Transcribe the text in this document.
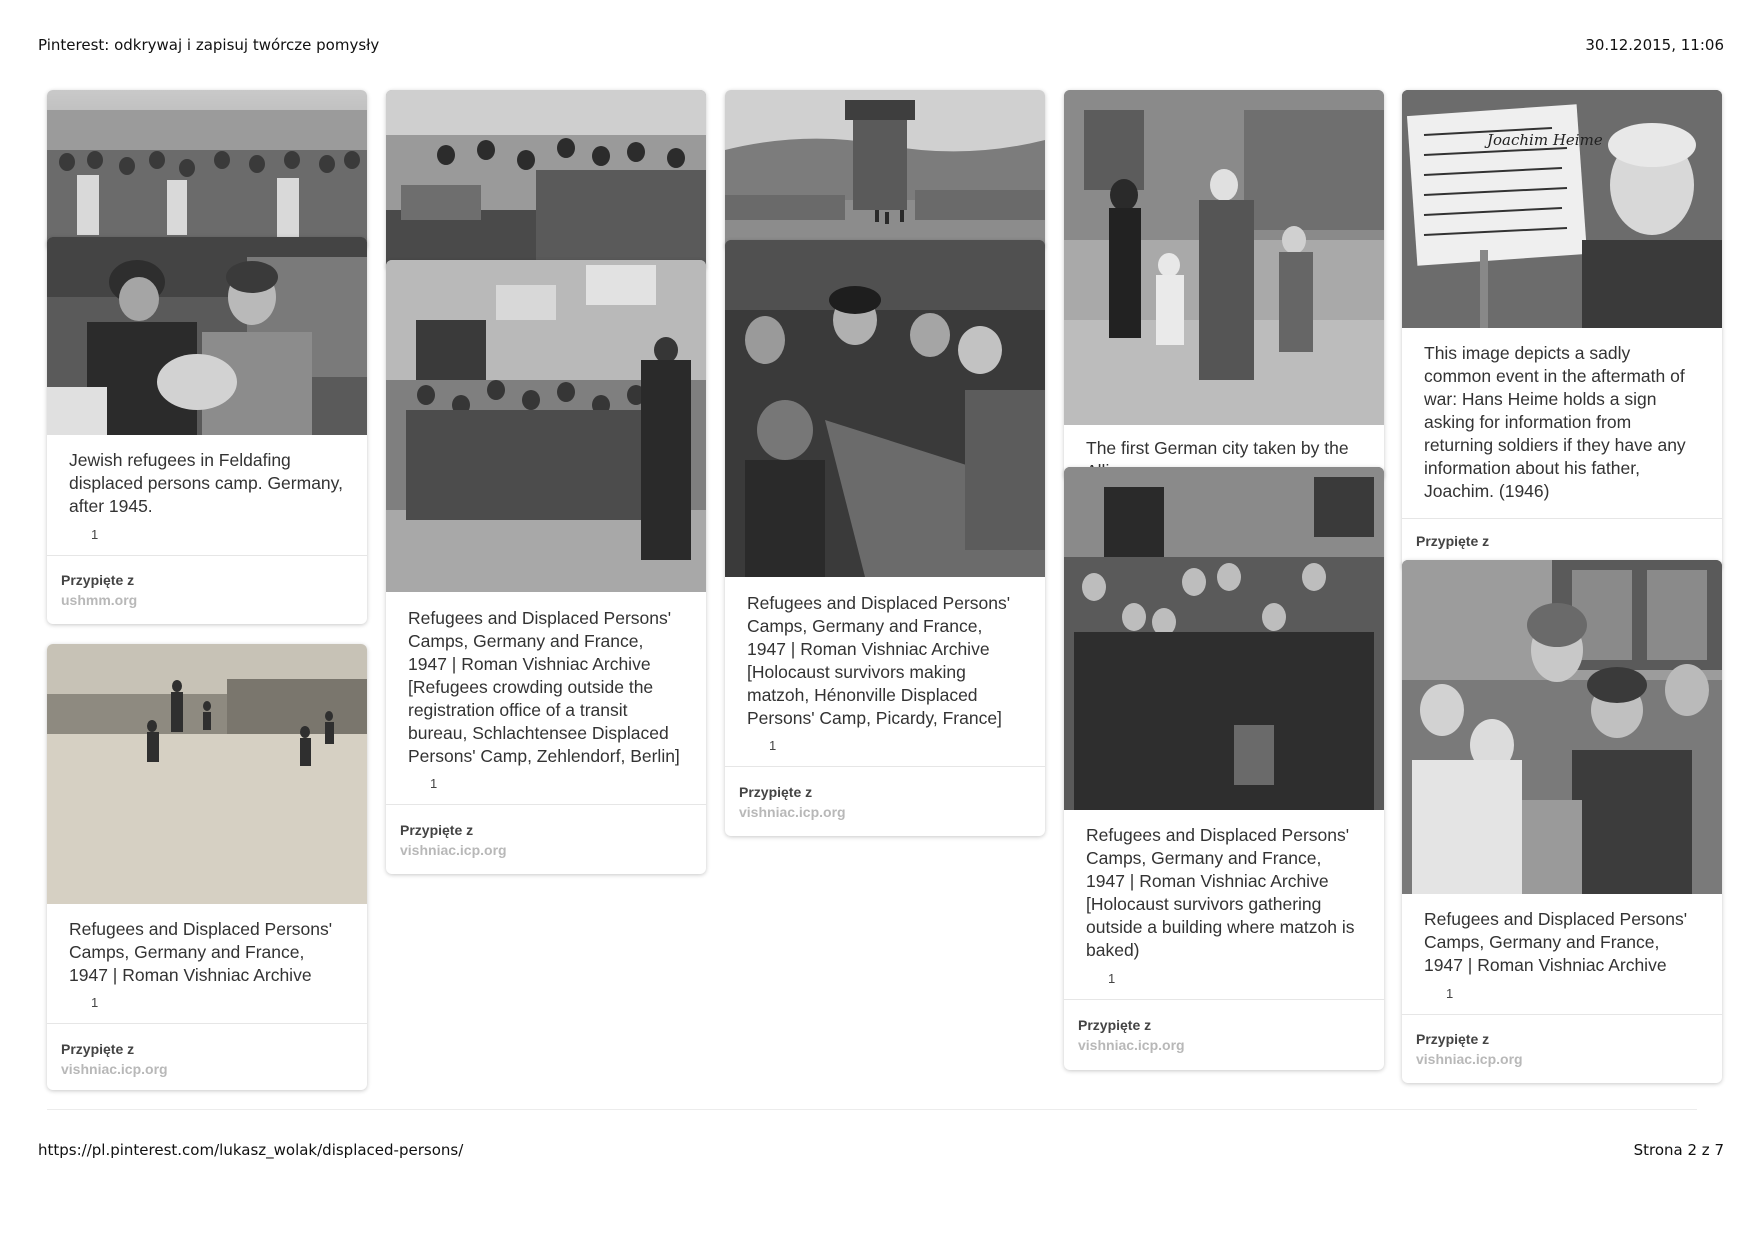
Pinterest: odkrywaj i zapisuj twórcze pomysły	30.12.2015, 11:06
Jewish refugees in Feldafing displaced persons camp. Germany, after 1945.
1
Przypięte z
ushmm.org
Refugees and Displaced Persons' Camps, Germany and France, 1947 | Roman Vishniac Archive
1
Przypięte z
vishniac.icp.org
Refugees and Displaced Persons' Camps, Germany and France, 1947 | Roman Vishniac Archive [Refugees crowding outside the registration office of a transit bureau, Schlachtensee Displaced Persons' Camp, Zehlendorf, Berlin]
1
Przypięte z
vishniac.icp.org
Refugees and Displaced Persons' Camps, Germany and France, 1947 | Roman Vishniac Archive [Holocaust survivors making matzoh, Hénonville Displaced Persons' Camp, Picardy, France]
1
Przypięte z
vishniac.icp.org
The first German city taken by the
Refugees and Displaced Persons' Camps, Germany and France, 1947 | Roman Vishniac Archive [Holocaust survivors gathering outside a building where matzoh is baked)
1
Przypięte z
vishniac.icp.org
Joachim Heime
This image depicts a sadly common event in the aftermath of war: Hans Heime holds a sign asking for information from returning soldiers if they have any information about his father, Joachim. (1946)
Przypięte z
Refugees and Displaced Persons' Camps, Germany and France, 1947 | Roman Vishniac Archive
1
Przypięte z
vishniac.icp.org
https://pl.pinterest.com/lukasz_wolak/displaced-persons/	Strona 2 z 7
